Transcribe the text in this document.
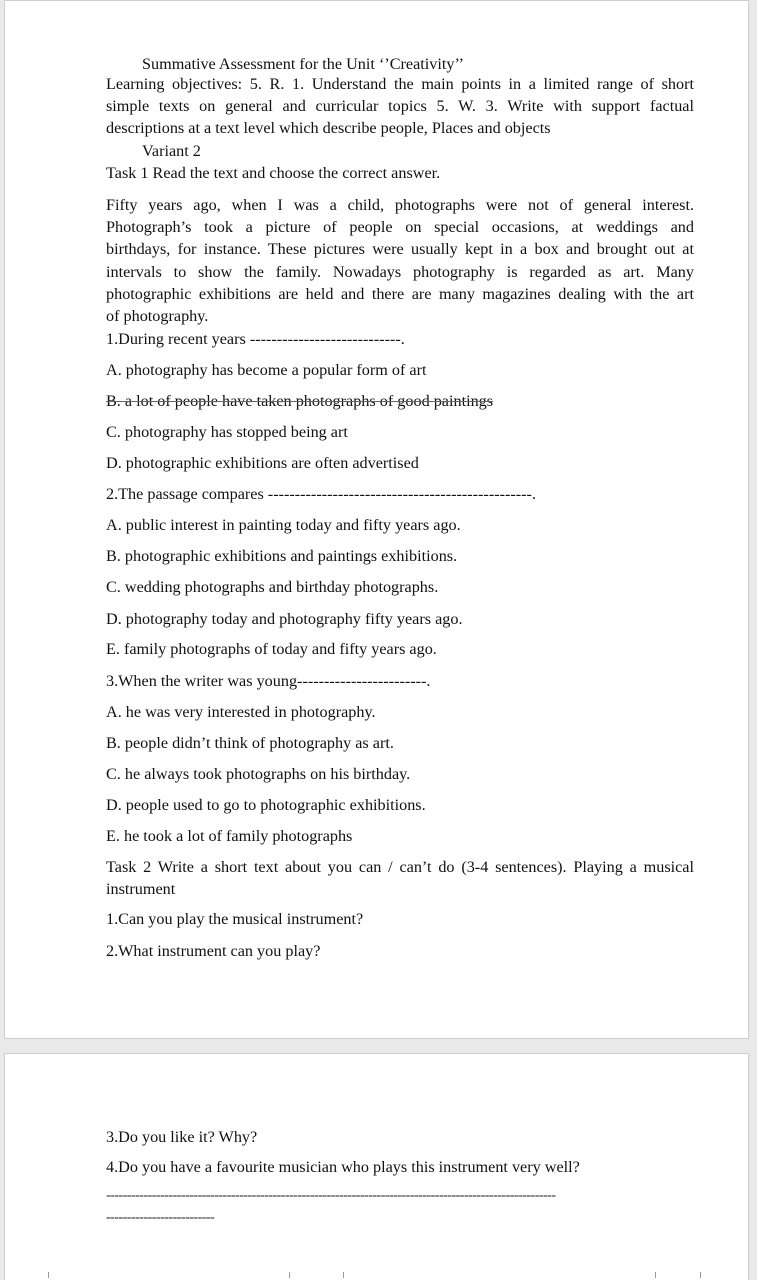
Summative Assessment for the Unit ‘’Creativity’’

Learning objectives: 5. R. 1. Understand the main points in a limited range of short

simple texts on general and curricular topics 5. W. 3. Write with support factual

descriptions at a text level which describe people, Places and objects

Variant 2

Task 1 Read the text and choose the correct answer.

Fifty years ago, when I was a child, photographs were not of general interest.

Photograph’s took a picture of people on special occasions, at weddings and

birthdays, for instance. These pictures were usually kept in a box and brought out at

intervals to show the family. Nowadays photography is regarded as art. Many

photographic exhibitions are held and there are many magazines dealing with the art

of photography.

1.During recent years ----------------------------.

A. photography has become a popular form of art

B. a lot of people have taken photographs of good paintings

C. photography has stopped being art

D. photographic exhibitions are often advertised

2.The passage compares -------------------------------------------------.

A. public interest in painting today and fifty years ago.

B. photographic exhibitions and paintings exhibitions.

C. wedding photographs and birthday photographs.

D. photography today and photography fifty years ago.

E. family photographs of today and fifty years ago.

3.When the writer was young------------------------.

A. he was very interested in photography.

B. people didn’t think of photography as art.

C. he always took photographs on his birthday.

D. people used to go to photographic exhibitions.

E. he took a lot of family photographs

Task 2 Write a short text about you can / can’t do (3-4 sentences). Playing a musical

instrument

1.Can you play the musical instrument?

2.What instrument can you play?

3.Do you like it? Why?

4.Do you have a favourite musician who plays this instrument very well?

------------------------------------------------------------------------------------------------------------
--------------------------
